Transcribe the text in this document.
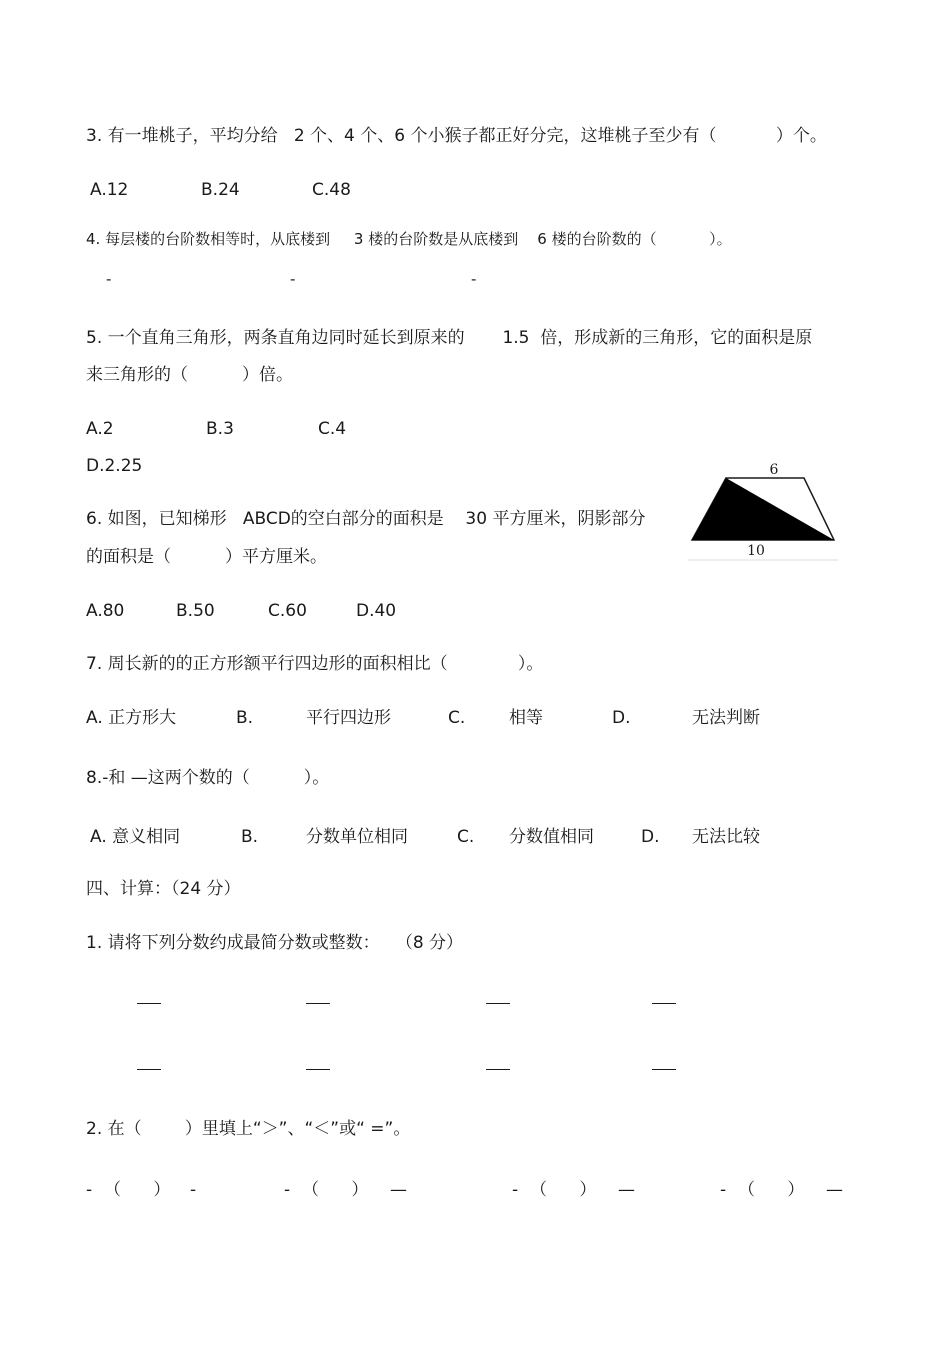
3. 有一堆桃子，平均分给   2 个、4 个、6 个小猴子都正好分完，这堆桃子至少有（           ）个。
A.12	B.24	C.48
4. 每层楼的台阶数相等时，从底楼到     3 楼的台阶数是从底楼到    6 楼的台阶数的（           ）。
-	-	-
5. 一个直角三角形，两条直角边同时延长到原来的       1.5  倍，形成新的三角形，它的面积是原
来三角形的（          ）倍。
A.2	B.3	C.4
D.2.25
6. 如图，已知梯形   ABCD的空白部分的面积是    30 平方厘米，阴影部分
的面积是（          ）平方厘米。
6
10
A.80	B.50	C.60	D.40
7. 周长新的的正方形额平行四边形的面积相比（             ）。
A. 正方形大	B.	平行四边形	C.	相等	D.	无法判断
8.-和 —这两个数的（          ）。
A. 意义相同	B.	分数单位相同	C. 分数值相同	D. 无法比较
四、计算：（24 分）
1. 请将下列分数约成最简分数或整数：   （8 分）
2. 在（        ）里填上“＞”、“＜”或“ =”。
- （      ） -	- （      ） —	- （      ） —	- （      ） —
